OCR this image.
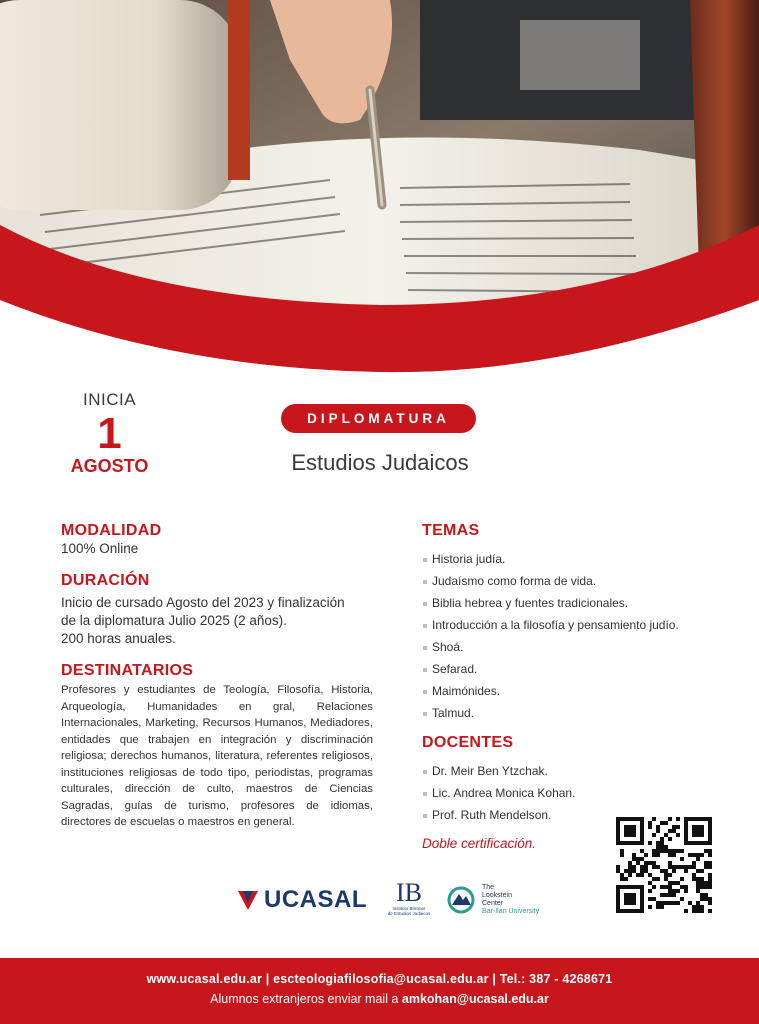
INICIA
1
AGOSTO
DIPLOMATURA
Estudios Judaicos
MODALIDAD
100% Online
DURACIÓN
Inicio de cursado Agosto del 2023 y finalización
de la diplomatura Julio 2025 (2 años).
200 horas anuales.
DESTINATARIOS
Profesores y estudiantes de Teología, Filosofía, Historia, Arqueología, Humanidades en gral, Relaciones Internacionales, Marketing, Recursos Humanos, Mediadores, entidades que trabajen en integración y discriminación religiosa; derechos humanos, literatura, referentes religiosos, instituciones religiosas de todo tipo, periodistas, programas culturales, dirección de culto, maestros de Ciencias Sagradas, guías de turismo, profesores de idiomas, directores de escuelas o maestros en general.
TEMAS
Historia judía.
Judaísmo como forma de vida.
Biblia hebrea y fuentes tradicionales.
Introducción a la filosofía y pensamiento judío.
Shoá.
Sefarad.
Maimónides.
Talmud.
DOCENTES
Dr. Meir Ben Ytzchak.
Lic. Andrea Monica Kohan.
Prof. Ruth Mendelson.
Doble certificación.
UCASAL	IB
Instituto Brenner
de Estudios Judaicos
The
Lookstein
Center
Bar-Ilan University
www.ucasal.edu.ar | escteologiafilosofia@ucasal.edu.ar | Tel.: 387 - 4268671
Alumnos extranjeros enviar mail a amkohan@ucasal.edu.ar
